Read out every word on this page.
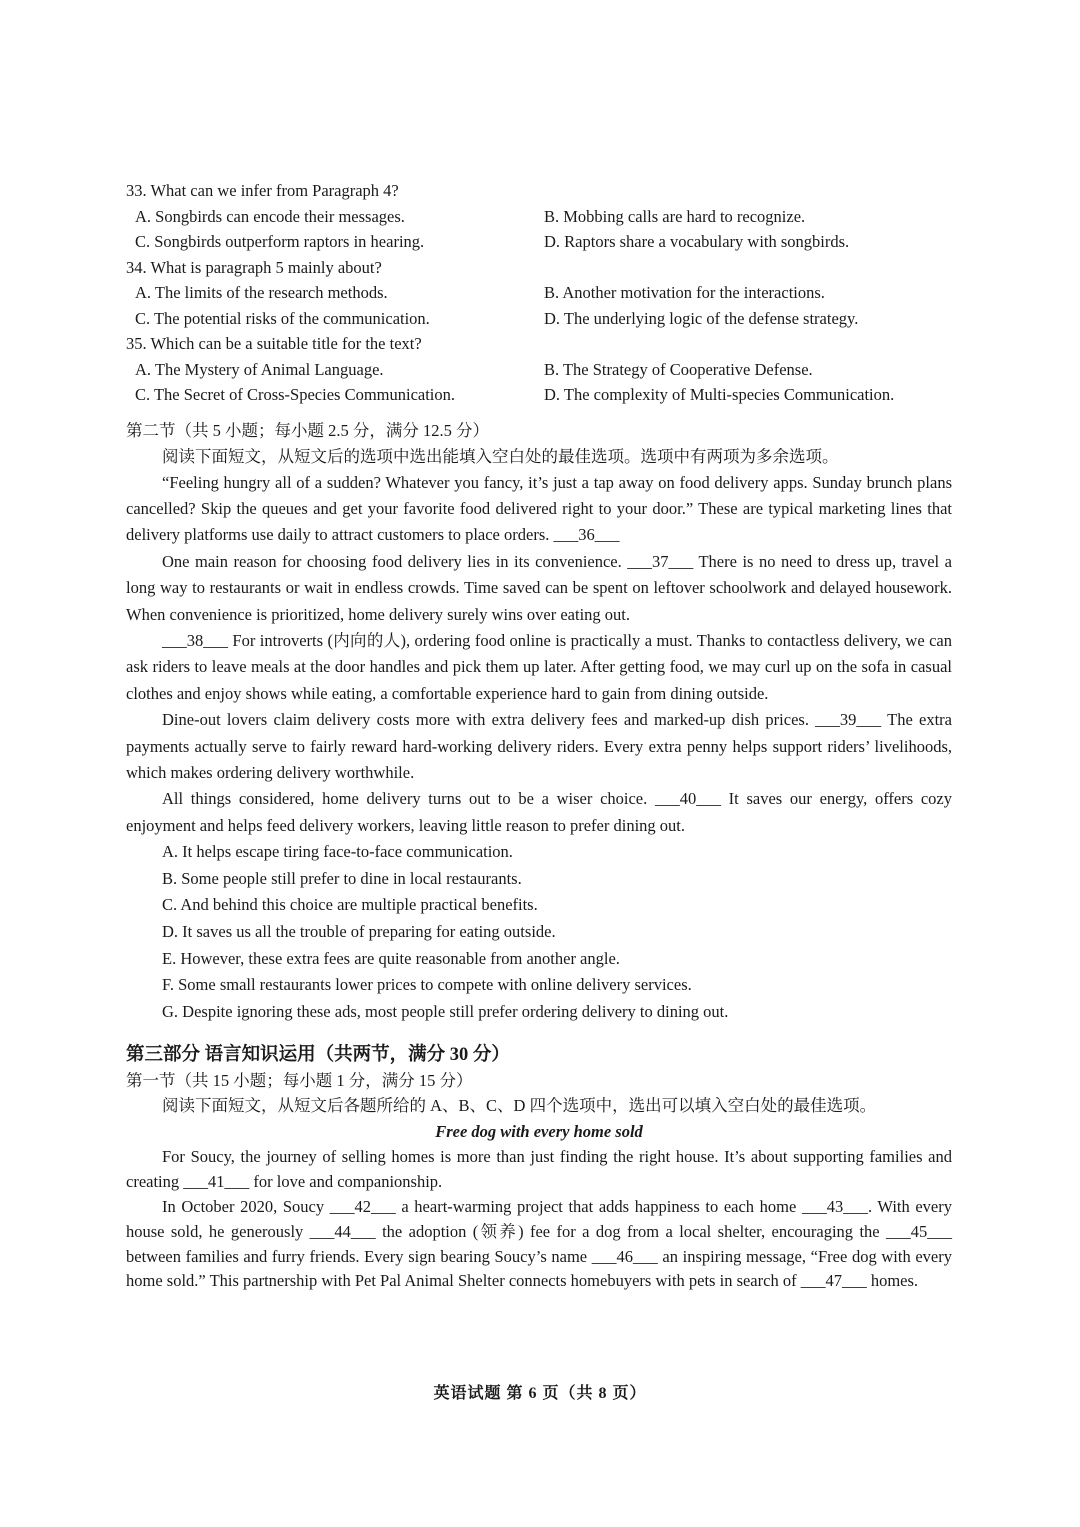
33. What can we infer from Paragraph 4?
A. Songbirds can encode their messages.	B. Mobbing calls are hard to recognize.
C. Songbirds outperform raptors in hearing.	D. Raptors share a vocabulary with songbirds.
34. What is paragraph 5 mainly about?
A. The limits of the research methods.	B. Another motivation for the interactions.
C. The potential risks of the communication.	D. The underlying logic of the defense strategy.
35. Which can be a suitable title for the text?
A. The Mystery of Animal Language.	B. The Strategy of Cooperative Defense.
C. The Secret of Cross-Species Communication.	D. The complexity of Multi-species Communication.
第二节（共 5 小题；每小题 2.5 分，满分 12.5 分）
阅读下面短文，从短文后的选项中选出能填入空白处的最佳选项。选项中有两项为多余选项。

“Feeling hungry all of a sudden? Whatever you fancy, it’s just a tap away on food delivery apps. Sunday brunch plans cancelled? Skip the queues and get your favorite food delivered right to your door.” These are typical marketing lines that delivery platforms use daily to attract customers to place orders. ___36___

One main reason for choosing food delivery lies in its convenience. ___37___ There is no need to dress up, travel a long way to restaurants or wait in endless crowds. Time saved can be spent on leftover schoolwork and delayed housework. When convenience is prioritized, home delivery surely wins over eating out.

___38___ For introverts (内向的人), ordering food online is practically a must. Thanks to contactless delivery, we can ask riders to leave meals at the door handles and pick them up later. After getting food, we may curl up on the sofa in casual clothes and enjoy shows while eating, a comfortable experience hard to gain from dining outside.

Dine-out lovers claim delivery costs more with extra delivery fees and marked-up dish prices. ___39___ The extra payments actually serve to fairly reward hard-working delivery riders. Every extra penny helps support riders’ livelihoods, which makes ordering delivery worthwhile.

All things considered, home delivery turns out to be a wiser choice. ___40___ It saves our energy, offers cozy enjoyment and helps feed delivery workers, leaving little reason to prefer dining out.

A. It helps escape tiring face-to-face communication.
B. Some people still prefer to dine in local restaurants.
C. And behind this choice are multiple practical benefits.
D. It saves us all the trouble of preparing for eating outside.
E. However, these extra fees are quite reasonable from another angle.
F. Some small restaurants lower prices to compete with online delivery services.
G. Despite ignoring these ads, most people still prefer ordering delivery to dining out.
第三部分 语言知识运用（共两节，满分 30 分）
第一节（共 15 小题；每小题 1 分，满分 15 分）
阅读下面短文，从短文后各题所给的 A、B、C、D 四个选项中，选出可以填入空白处的最佳选项。
Free dog with every home sold

For Soucy, the journey of selling homes is more than just finding the right house. It’s about supporting families and creating ___41___ for love and companionship.

In October 2020, Soucy ___42___ a heart-warming project that adds happiness to each home ___43___. With every house sold, he generously ___44___ the adoption (领养) fee for a dog from a local shelter, encouraging the ___45___ between families and furry friends. Every sign bearing Soucy’s name ___46___ an inspiring message, “Free dog with every home sold.” This partnership with Pet Pal Animal Shelter connects homebuyers with pets in search of ___47___ homes.

英语试题 第 6 页（共 8 页）
